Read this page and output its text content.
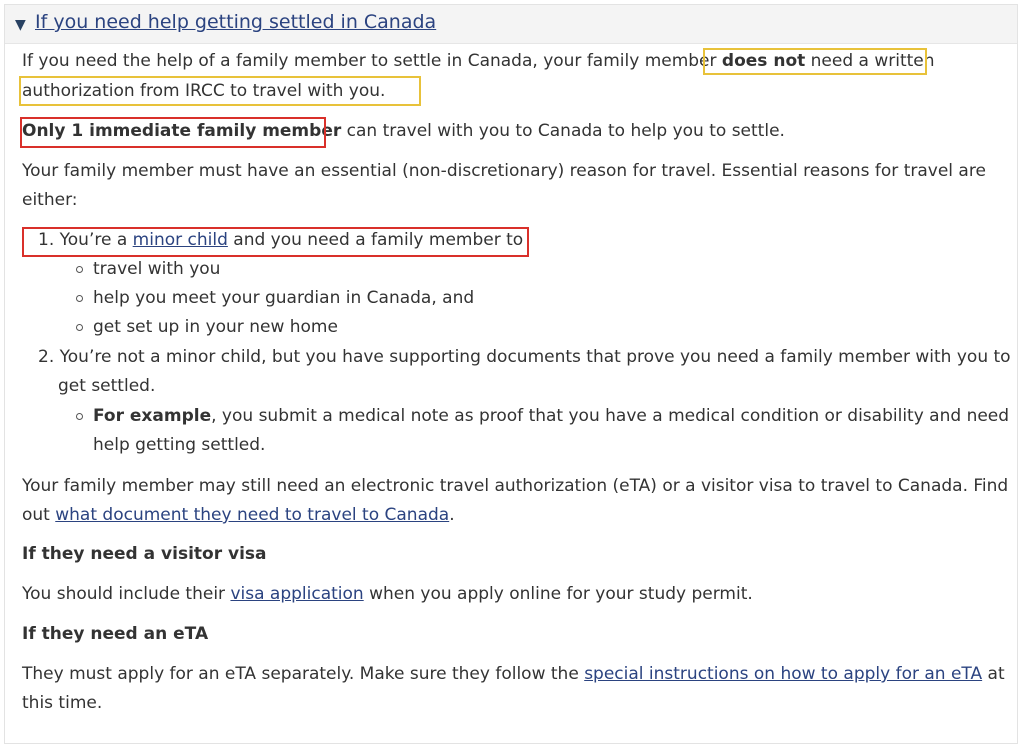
▼ If you need help getting settled in Canada
If you need the help of a family member to settle in Canada, your family member does not need a written
authorization from IRCC to travel with you.
Only 1 immediate family member can travel with you to Canada to help you to settle.
Your family member must have an essential (non-discretionary) reason for travel. Essential reasons for travel are
either:
1. You’re a minor child and you need a family member to
travel with you
help you meet your guardian in Canada, and
get set up in your new home
2. You’re not a minor child, but you have supporting documents that prove you need a family member with you to
get settled.
For example, you submit a medical note as proof that you have a medical condition or disability and need
help getting settled.
Your family member may still need an electronic travel authorization (eTA) or a visitor visa to travel to Canada. Find
out what document they need to travel to Canada.
If they need a visitor visa
You should include their visa application when you apply online for your study permit.
If they need an eTA
They must apply for an eTA separately. Make sure they follow the special instructions on how to apply for an eTA at
this time.
